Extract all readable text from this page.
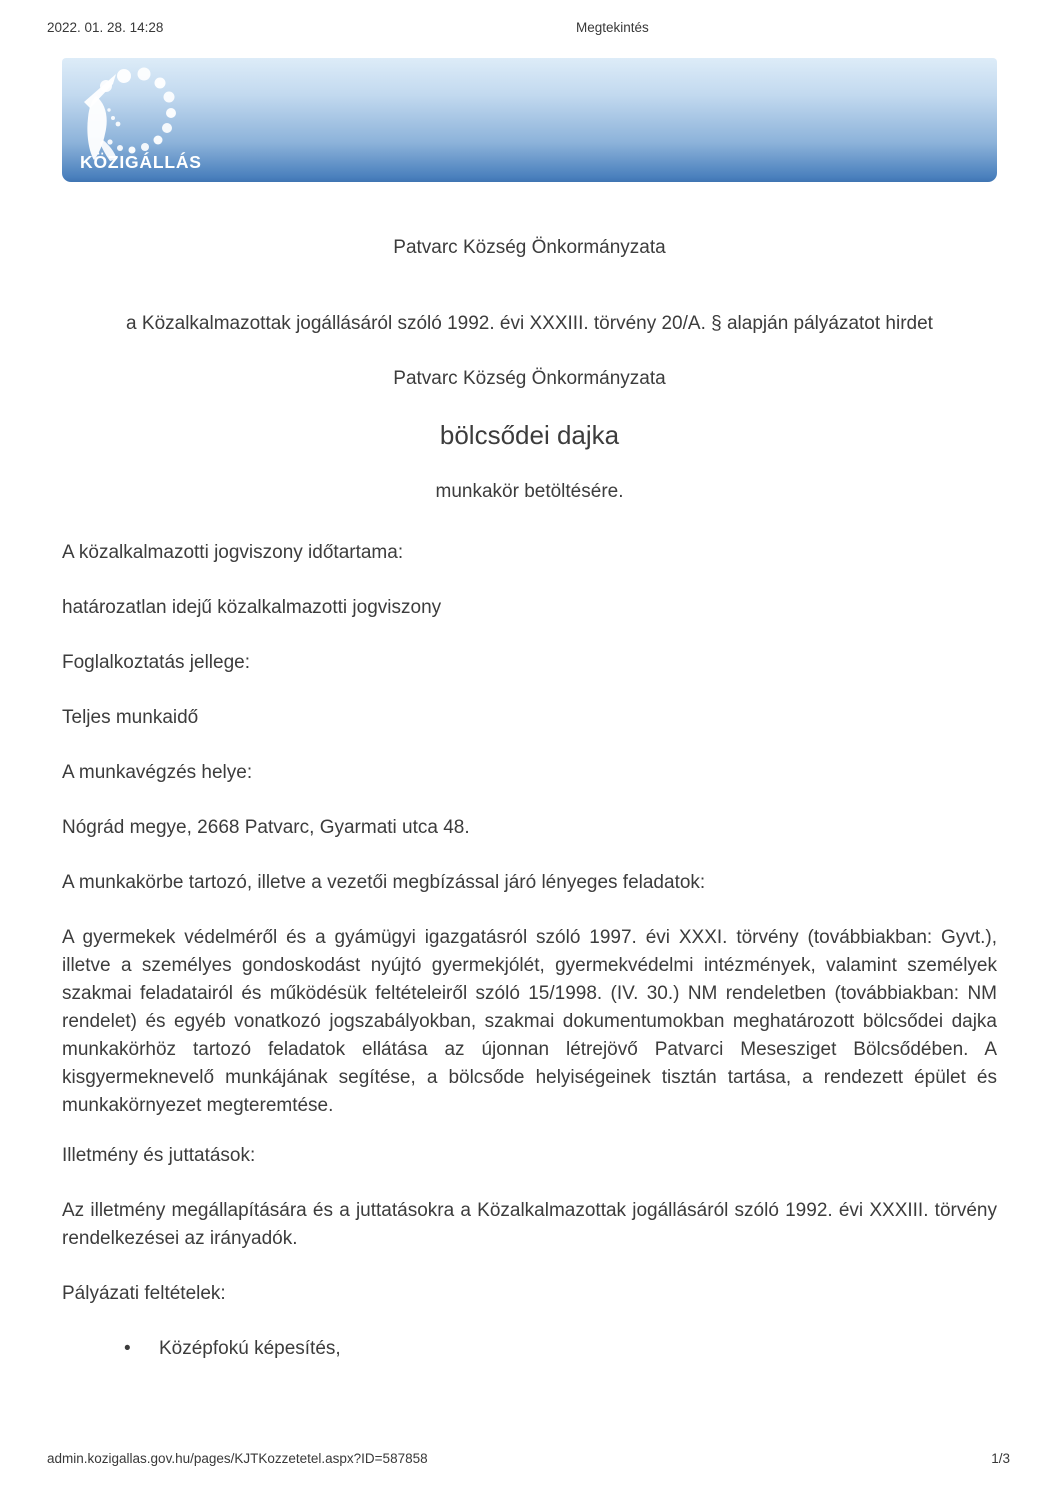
2022. 01. 28. 14:28	Megtekintés
KÖZIGÁLLÁS
Patvarc Község Önkormányzata

a Közalkalmazottak jogállásáról szóló 1992. évi XXXIII. törvény 20/A. § alapján pályázatot hirdet

Patvarc Község Önkormányzata
bölcsődei dajka

munkakör betöltésére.

A közalkalmazotti jogviszony időtartama:

határozatlan idejű közalkalmazotti jogviszony

Foglalkoztatás jellege:

Teljes munkaidő

A munkavégzés helye:

Nógrád megye, 2668 Patvarc, Gyarmati utca 48.

A munkakörbe tartozó, illetve a vezetői megbízással járó lényeges feladatok:

A gyermekek védelméről és a gyámügyi igazgatásról szóló 1997. évi XXXI. törvény (továbbiakban: Gyvt.), illetve a személyes gondoskodást nyújtó gyermekjólét, gyermekvédelmi intézmények, valamint személyek szakmai feladatairól és működésük feltételeiről szóló 15/1998. (IV. 30.) NM rendeletben (továbbiakban: NM rendelet) és egyéb vonatkozó jogszabályokban, szakmai dokumentumokban meghatározott bölcsődei dajka munkakörhöz tartozó feladatok ellátása az újonnan létrejövő Patvarci Mesesziget Bölcsődében. A kisgyermeknevelő munkájának segítése, a bölcsőde helyiségeinek tisztán tartása, a rendezett épület és munkakörnyezet megteremtése.

Illetmény és juttatások:

Az illetmény megállapítására és a juttatásokra a Közalkalmazottak jogállásáról szóló 1992. évi XXXIII. törvény rendelkezései az irányadók.

Pályázati feltételek:
• Középfokú képesítés,
admin.kozigallas.gov.hu/pages/KJTKozzetetel.aspx?ID=587858	1/3
